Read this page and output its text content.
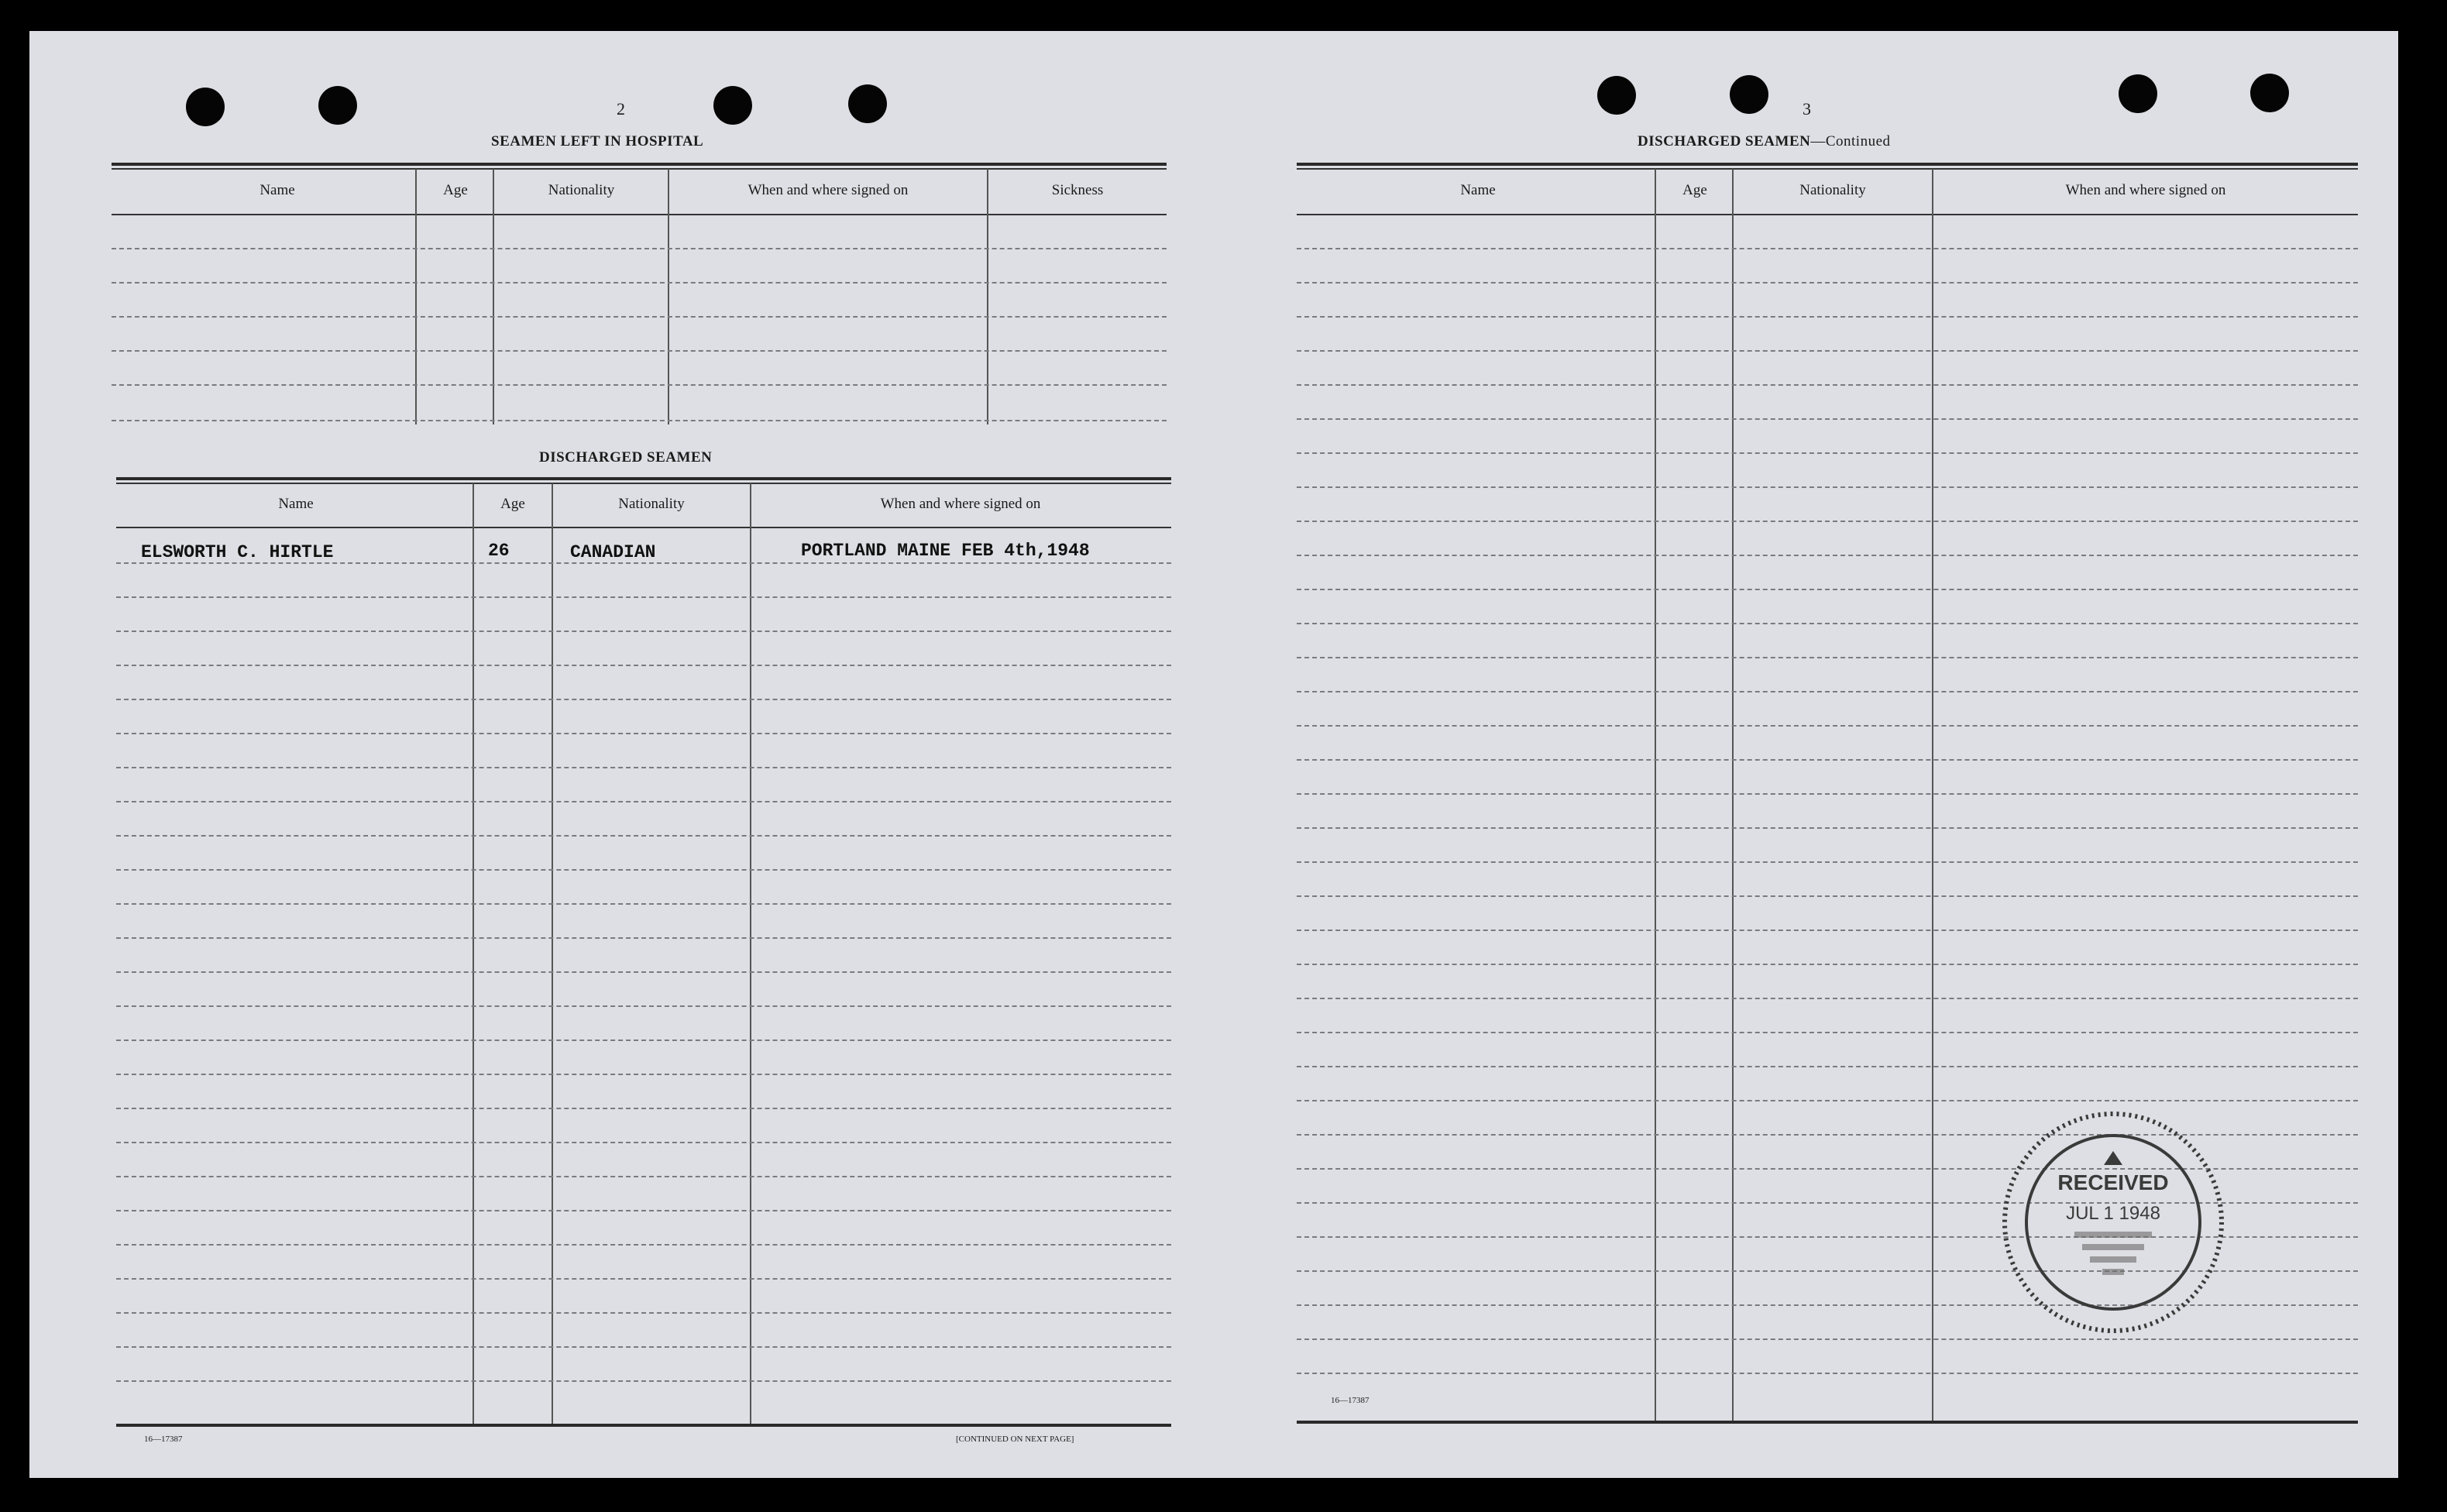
2
SEAMEN LEFT IN HOSPITAL
Name	Age	Nationality	When and where signed on	Sickness
DISCHARGED SEAMEN
Name	Age	Nationality	When and where signed on
ELSWORTH C. HIRTLE	26	CANADIAN	PORTLAND MAINE FEB 4th,1948
16—17387	[CONTINUED ON NEXT PAGE]
3
DISCHARGED SEAMEN—Continued
Name	Age	Nationality	When and where signed on
16—17387
RECEIVED
JUL 1 1948
